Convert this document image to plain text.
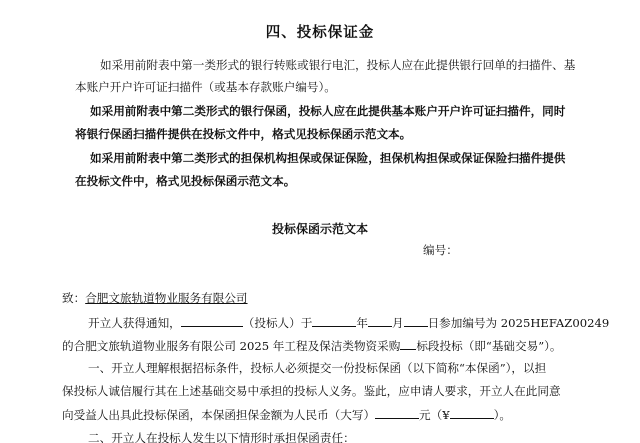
四、投标保证金
如采用前附表中第一类形式的银行转账或银行电汇，投标人应在此提供银行回单的扫描件、基
本账户开户许可证扫描件（或基本存款账户编号）。
如采用前附表中第二类形式的银行保函，投标人应在此提供基本账户开户许可证扫描件，同时
将银行保函扫描件提供在投标文件中，格式见投标保函示范文本。
如采用前附表中第二类形式的担保机构担保或保证保险，担保机构担保或保证保险扫描件提供
在投标文件中，格式见投标保函示范文本。
投标保函示范文本
编号：
致：合肥文旅轨道物业服务有限公司
开立人获得通知，	（投标人）于	年 月 日参加编号为 2025HEFAZ00249
的合肥文旅轨道物业服务有限公司 2025 年工程及保洁类物资采购 标段投标（即“基础交易”）。
一、开立人理解根据招标条件，投标人必须提交一份投标保函（以下简称“本保函”），以担
保投标人诚信履行其在上述基础交易中承担的投标人义务。鉴此，应申请人要求，开立人在此同意
向受益人出具此投标保函，本保函担保金额为人民币（大写）	元（¥	）。
二、开立人在投标人发生以下情形时承担保函责任：
